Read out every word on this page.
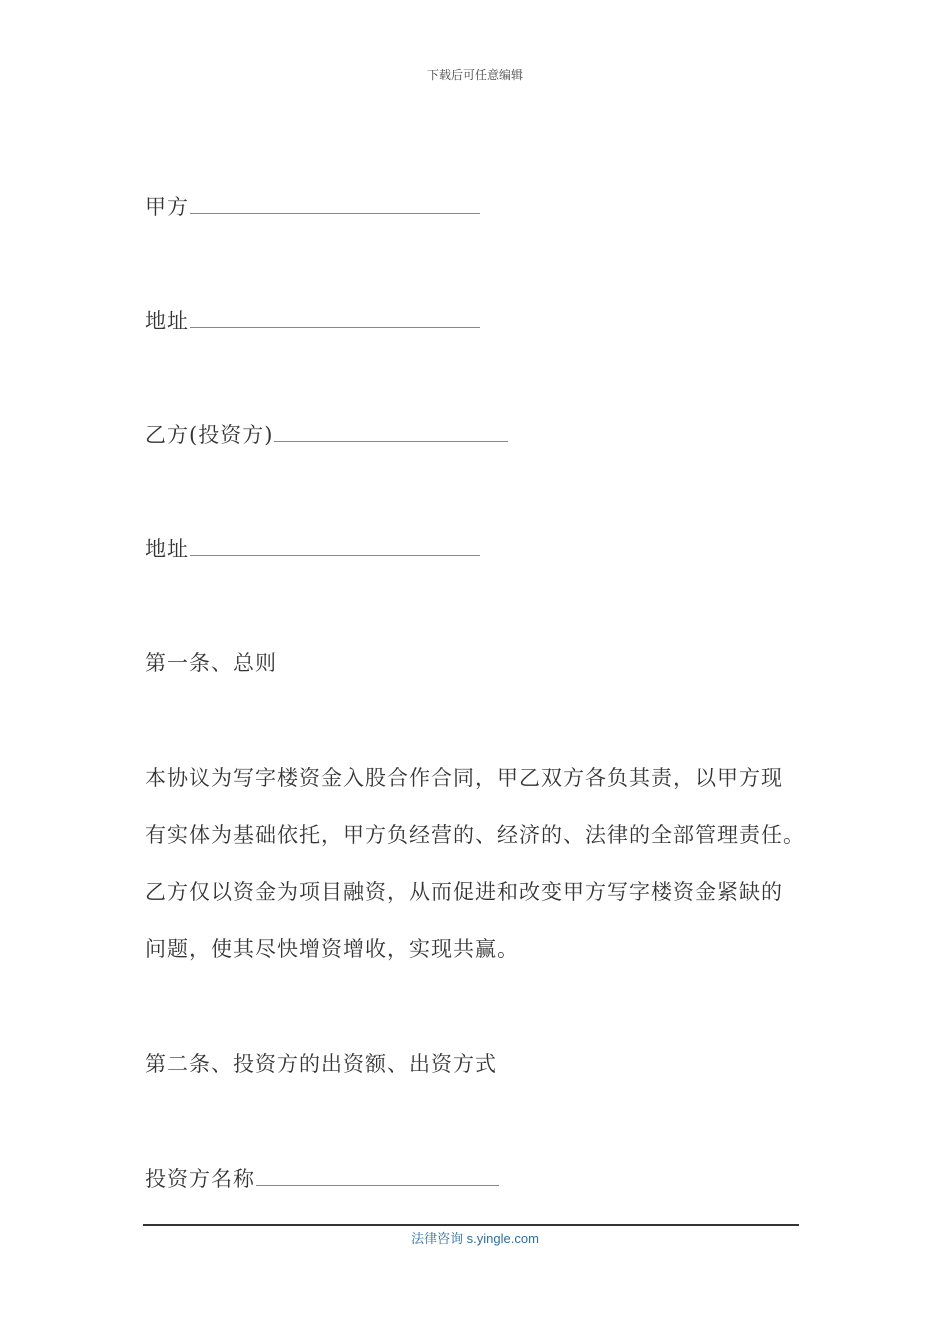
下载后可任意编辑
甲方
地址
乙方(投资方)
地址
第一条、总则
本协议为写字楼资金入股合作合同，甲乙双方各负其责，以甲方现
有实体为基础依托，甲方负经营的、经济的、法律的全部管理责任。
乙方仅以资金为项目融资，从而促进和改变甲方写字楼资金紧缺的
问题，使其尽快增资增收，实现共赢。
第二条、投资方的出资额、出资方式
投资方名称
法律咨询 s.yingle.com
